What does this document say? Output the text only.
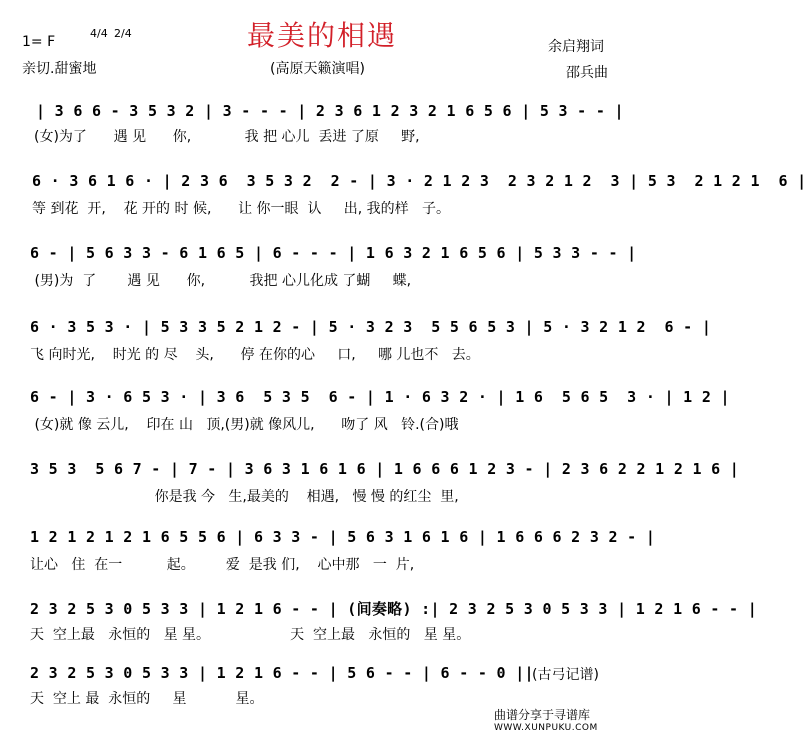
最美的相遇
1= F
4/4 2/4
亲切.甜蜜地	(高原天籁演唱)
余启翔词
邵兵曲
| 3 6 6 - 3 5 3 2 | 3 - - - | 2 3 6 1 2 3 2 1 6 5 6 | 5 3 - - |
(女)为了      遇 见      你,            我 把 心儿  丢进 了原     野,
6 · 3 6 1 6 · | 2 3 6  3 5 3 2  2 - | 3 · 2 1 2 3  2 3 2 1 2  3 | 5 3  2 1 2 1  6 |
等 到花  开,    花 开的 时 候,      让 你一眼  认     出, 我的样   子。
6 - | 5 6 3 3 - 6 1 6 5 | 6 - - - | 1 6 3 2 1 6 5 6 | 5 3 3 - - |
(男)为  了       遇 见      你,          我把 心儿化成 了蝴     蝶,
6 · 3 5 3 · | 5 3 3 5 2 1 2 - | 5 · 3 2 3  5 5 6 5 3 | 5 · 3 2 1 2  6 - |
飞 向时光,    时光 的 尽    头,      停 在你的心     口,     哪 儿也不   去。
6 - | 3 · 6 5 3 · | 3 6  5 3 5  6 - | 1 · 6 3 2 · | 1 6  5 6 5  3 · | 1 2 |
(女)就 像 云儿,    印在 山   顶,(男)就 像风儿,      吻了 风   铃.(合)哦
3 5 3  5 6 7 - | 7 - | 3 6 3 1 6 1 6 | 1 6 6 6 1 2 3 - | 2 3 6 2 2 1 2 1 6 |
你是我 今   生,最美的    相遇,   慢 慢 的红尘  里,
1 2 1 2 1 2 1 6 5 5 6 | 6 3 3 - | 5 6 3 1 6 1 6 | 1 6 6 6 2 3 2 - |
让心   住  在一          起。       爱  是我 们,    心中那   一  片,
2 3 2 5 3 0 5 3 3 | 1 2 1 6 - - | (间奏略) :| 2 3 2 5 3 0 5 3 3 | 1 2 1 6 - - |
天  空上最   永恒的   星 星。                  天  空上最   永恒的   星 星。
2 3 2 5 3 0 5 3 3 | 1 2 1 6 - - | 5 6 - - | 6 - - 0 ||
天  空上 最  永恒的     星           星。
(古弓记谱)
曲谱分享于寻谱库
WWW.XUNPUKU.COM
